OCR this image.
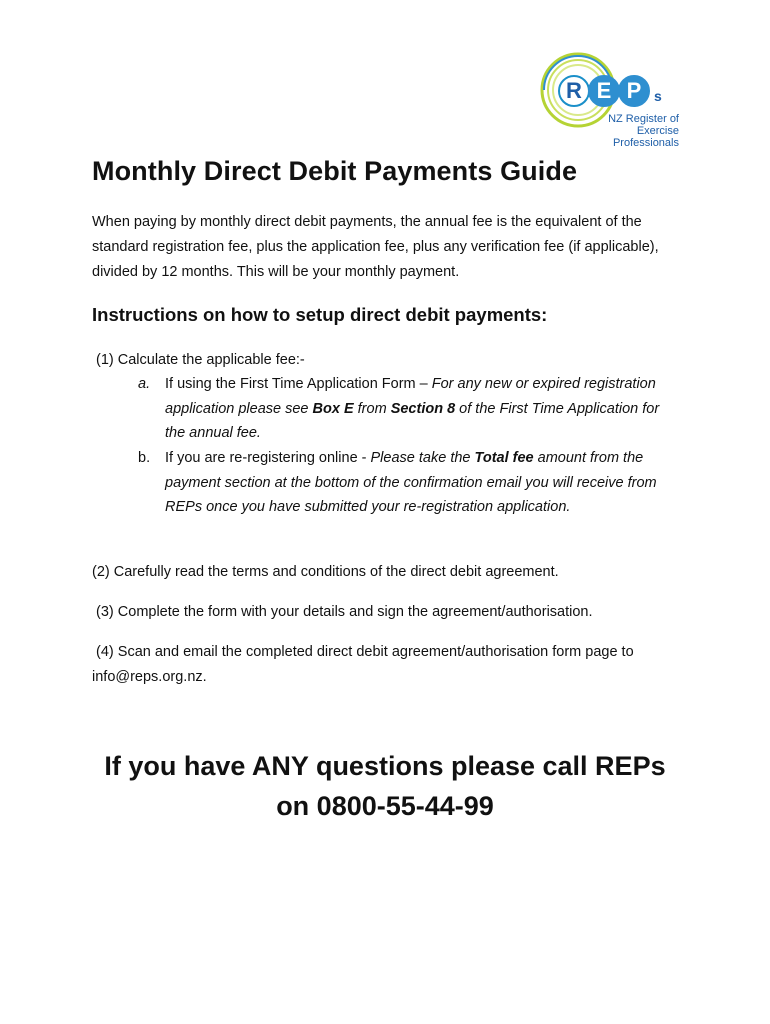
R E P s
NZ Register of
Exercise Professionals
Monthly Direct Debit Payments Guide
When paying by monthly direct debit payments, the annual fee is the equivalent of the standard registration fee, plus the application fee, plus any verification fee (if applicable), divided by 12 months. This will be your monthly payment.
Instructions on how to setup direct debit payments:
(1) Calculate the applicable fee:-
a. If using the First Time Application Form – For any new or expired registration application please see Box E from Section 8 of the First Time Application for the annual fee.
b. If you are re-registering online - Please take the Total fee amount from the payment section at the bottom of the confirmation email you will receive from REPs once you have submitted your re-registration application.
(2) Carefully read the terms and conditions of the direct debit agreement.
(3) Complete the form with your details and sign the agreement/authorisation.
(4) Scan and email the completed direct debit agreement/authorisation form page to info@reps.org.nz.
If you have ANY questions please call REPs
on 0800-55-44-99
